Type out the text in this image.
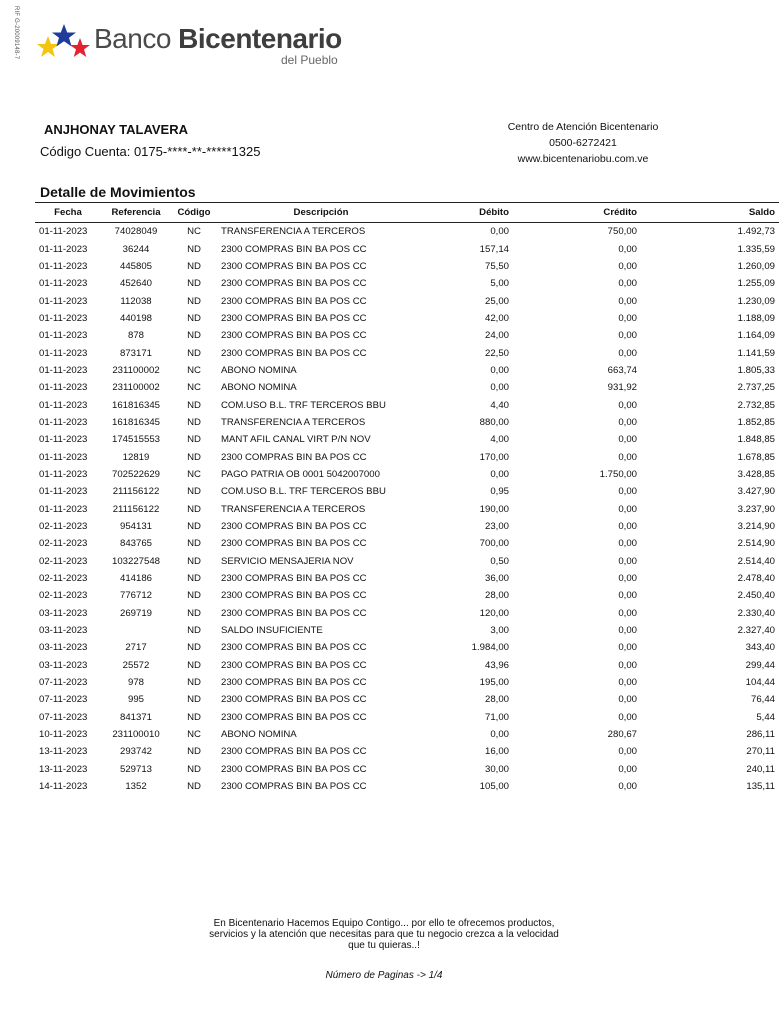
RIF G-20009148-7	Banco Bicentenario
del Pueblo
ANJHONAY TALAVERA
Código Cuenta: 0175-****-**-*****1325
Centro de Atención Bicentenario
0500-6272421
www.bicentenariobu.com.ve
Detalle de Movimientos
Fecha	Referencia	Código	Descripción	Débito	Crédito	Saldo
01-11-2023	74028049	NC	TRANSFERENCIA A TERCEROS	0,00	750,00	1.492,73
01-11-2023	36244	ND	2300 COMPRAS BIN BA POS CC	157,14	0,00	1.335,59
01-11-2023	445805	ND	2300 COMPRAS BIN BA POS CC	75,50	0,00	1.260,09
01-11-2023	452640	ND	2300 COMPRAS BIN BA POS CC	5,00	0,00	1.255,09
01-11-2023	112038	ND	2300 COMPRAS BIN BA POS CC	25,00	0,00	1.230,09
01-11-2023	440198	ND	2300 COMPRAS BIN BA POS CC	42,00	0,00	1.188,09
01-11-2023	878	ND	2300 COMPRAS BIN BA POS CC	24,00	0,00	1.164,09
01-11-2023	873171	ND	2300 COMPRAS BIN BA POS CC	22,50	0,00	1.141,59
01-11-2023	231100002	NC	ABONO NOMINA	0,00	663,74	1.805,33
01-11-2023	231100002	NC	ABONO NOMINA	0,00	931,92	2.737,25
01-11-2023	161816345	ND	COM.USO B.L. TRF TERCEROS BBU	4,40	0,00	2.732,85
01-11-2023	161816345	ND	TRANSFERENCIA A TERCEROS	880,00	0,00	1.852,85
01-11-2023	174515553	ND	MANT AFIL CANAL VIRT P/N NOV	4,00	0,00	1.848,85
01-11-2023	12819	ND	2300 COMPRAS BIN BA POS CC	170,00	0,00	1.678,85
01-11-2023	702522629	NC	PAGO PATRIA OB 0001 5042007000	0,00	1.750,00	3.428,85
01-11-2023	211156122	ND	COM.USO B.L. TRF TERCEROS BBU	0,95	0,00	3.427,90
01-11-2023	211156122	ND	TRANSFERENCIA A TERCEROS	190,00	0,00	3.237,90
02-11-2023	954131	ND	2300 COMPRAS BIN BA POS CC	23,00	0,00	3.214,90
02-11-2023	843765	ND	2300 COMPRAS BIN BA POS CC	700,00	0,00	2.514,90
02-11-2023	103227548	ND	SERVICIO MENSAJERIA NOV	0,50	0,00	2.514,40
02-11-2023	414186	ND	2300 COMPRAS BIN BA POS CC	36,00	0,00	2.478,40
02-11-2023	776712	ND	2300 COMPRAS BIN BA POS CC	28,00	0,00	2.450,40
03-11-2023	269719	ND	2300 COMPRAS BIN BA POS CC	120,00	0,00	2.330,40
03-11-2023		ND	SALDO INSUFICIENTE	3,00	0,00	2.327,40
03-11-2023	2717	ND	2300 COMPRAS BIN BA POS CC	1.984,00	0,00	343,40
03-11-2023	25572	ND	2300 COMPRAS BIN BA POS CC	43,96	0,00	299,44
07-11-2023	978	ND	2300 COMPRAS BIN BA POS CC	195,00	0,00	104,44
07-11-2023	995	ND	2300 COMPRAS BIN BA POS CC	28,00	0,00	76,44
07-11-2023	841371	ND	2300 COMPRAS BIN BA POS CC	71,00	0,00	5,44
10-11-2023	231100010	NC	ABONO NOMINA	0,00	280,67	286,11
13-11-2023	293742	ND	2300 COMPRAS BIN BA POS CC	16,00	0,00	270,11
13-11-2023	529713	ND	2300 COMPRAS BIN BA POS CC	30,00	0,00	240,11
14-11-2023	1352	ND	2300 COMPRAS BIN BA POS CC	105,00	0,00	135,11
En Bicentenario Hacemos Equipo Contigo... por ello te ofrecemos productos,
servicios y la atención que necesitas para que tu negocio crezca a la velocidad
que tu quieras..!
Número de Paginas -> 1/4
